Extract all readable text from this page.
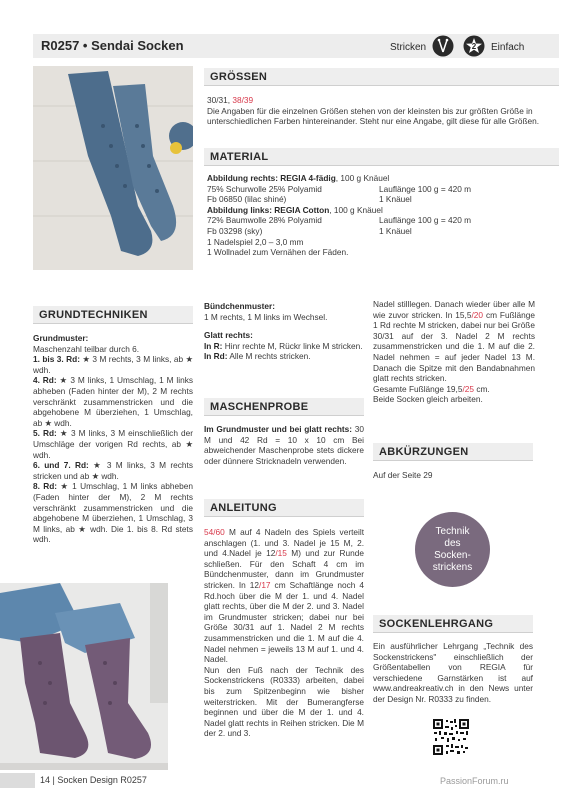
R0257 • Sendai Socken	Stricken	2 Einfach
GRÖSSEN

30/31, 38/39

Die Angaben für die einzelnen Größen stehen von der kleinsten bis zur größten Größe in unterschiedlichen Farben hintereinander. Steht nur eine Angabe, gilt diese für alle Größen.

MATERIAL

Abbildung rechts: REGIA 4-fädig, 100 g Knäuel

75% Schurwolle 25% Polyamid	Lauflänge 100 g = 420 m
Fb 06850 (lilac shiné)	1 Knäuel

Abbildung links: REGIA Cotton, 100 g Knäuel

72% Baumwolle 28% Polyamid	Lauflänge 100 g = 420 m
Fb 03298 (sky)	1 Knäuel

1 Nadelspiel 2,0 – 3,0 mm

1 Wollnadel zum Vernähen der Fäden.

GRUNDTECHNIKEN

Grundmuster:

Maschenzahl teilbar durch 6.

1. bis 3. Rd: ★ 3 M rechts, 3 M links, ab ★ wdh.

4. Rd: ★ 3 M links, 1 Umschlag, 1 M links abheben (Faden hinter der M), 2 M rechts verschränkt zusammenstricken und die abgehobene M überziehen, 1 Umschlag, ab ★ wdh.

5. Rd: ★ 3 M links, 3 M einschließlich der Umschläge der vorigen Rd rechts, ab ★ wdh.

6. und 7. Rd: ★ 3 M links, 3 M rechts stricken und ab ★ wdh.

8. Rd: ★ 1 Umschlag, 1 M links abheben (Faden hinter der M), 2 M rechts verschränkt zusammenstricken und die abgehobene M überziehen, 1 Umschlag, 3 M links, ab ★ wdh. Die 1. bis 8. Rd stets wdh.

Bündchenmuster:

1 M rechts, 1 M links im Wechsel.

Glatt rechts:

In R: Hinr rechte M, Rückr linke M stricken.

In Rd: Alle M rechts stricken.

MASCHENPROBE

Im Grundmuster und bei glatt rechts: 30 M und 42 Rd = 10 x 10 cm Bei abweichender Maschenprobe stets dickere oder dünnere Stricknadeln verwenden.

ANLEITUNG

54/60 M auf 4 Nadeln des Spiels verteilt anschlagen (1. und 3. Nadel je 15 M, 2. und 4.Nadel je 12/15 M) und zur Runde schließen. Für den Schaft 4 cm im Bündchenmuster, dann im Grundmuster stricken. In 12/17 cm Schaftlänge noch 4 Rd.hoch über die M der 1. und 4. Nadel glatt rechts, über die M der 2. und 3. Nadel im Grundmuster stricken; dabei nur bei Größe 30/31 auf 1. Nadel 2 M rechts zusammenstricken und die 1. M auf die 4. Nadel nehmen = jeweils 13 M auf 1. und 4. Nadel.

Nun den Fuß nach der Technik des Sockenstrickens (R0333) arbeiten, dabei bis zum Spitzenbeginn wie bisher weiterstricken. Mit der Bumerangferse beginnen und über die M der 1. und 4. Nadel glatt rechts in Reihen stricken. Die M der 2. und 3.

Nadel stilllegen. Danach wieder über alle M wie zuvor stricken. In 15,5/20 cm Fußlänge 1 Rd rechte M stricken, dabei nur bei Größe 30/31 auf der 3. Nadel 2 M rechts zusammenstricken und die 1. M auf die 2. Nadel nehmen = auf jeder Nadel 13 M. Danach die Spitze mit den Bandabnahmen glatt rechts stricken.

Gesamte Fußlänge 19,5/25 cm.

Beide Socken gleich arbeiten.

ABKÜRZUNGEN
Auf der Seite 29
Technik
des
Socken-
strickens
SOCKENLEHRGANG
Ein ausführlicher Lehrgang „Technik des Sockenstrickens" einschließlich der Größentabellen von REGIA für verschiedene Garnstärken ist auf www.andreakreativ.ch in den News unter der Design Nr. R0333 zu finden.
14 | Socken Design R0257	PassionForum.ru
